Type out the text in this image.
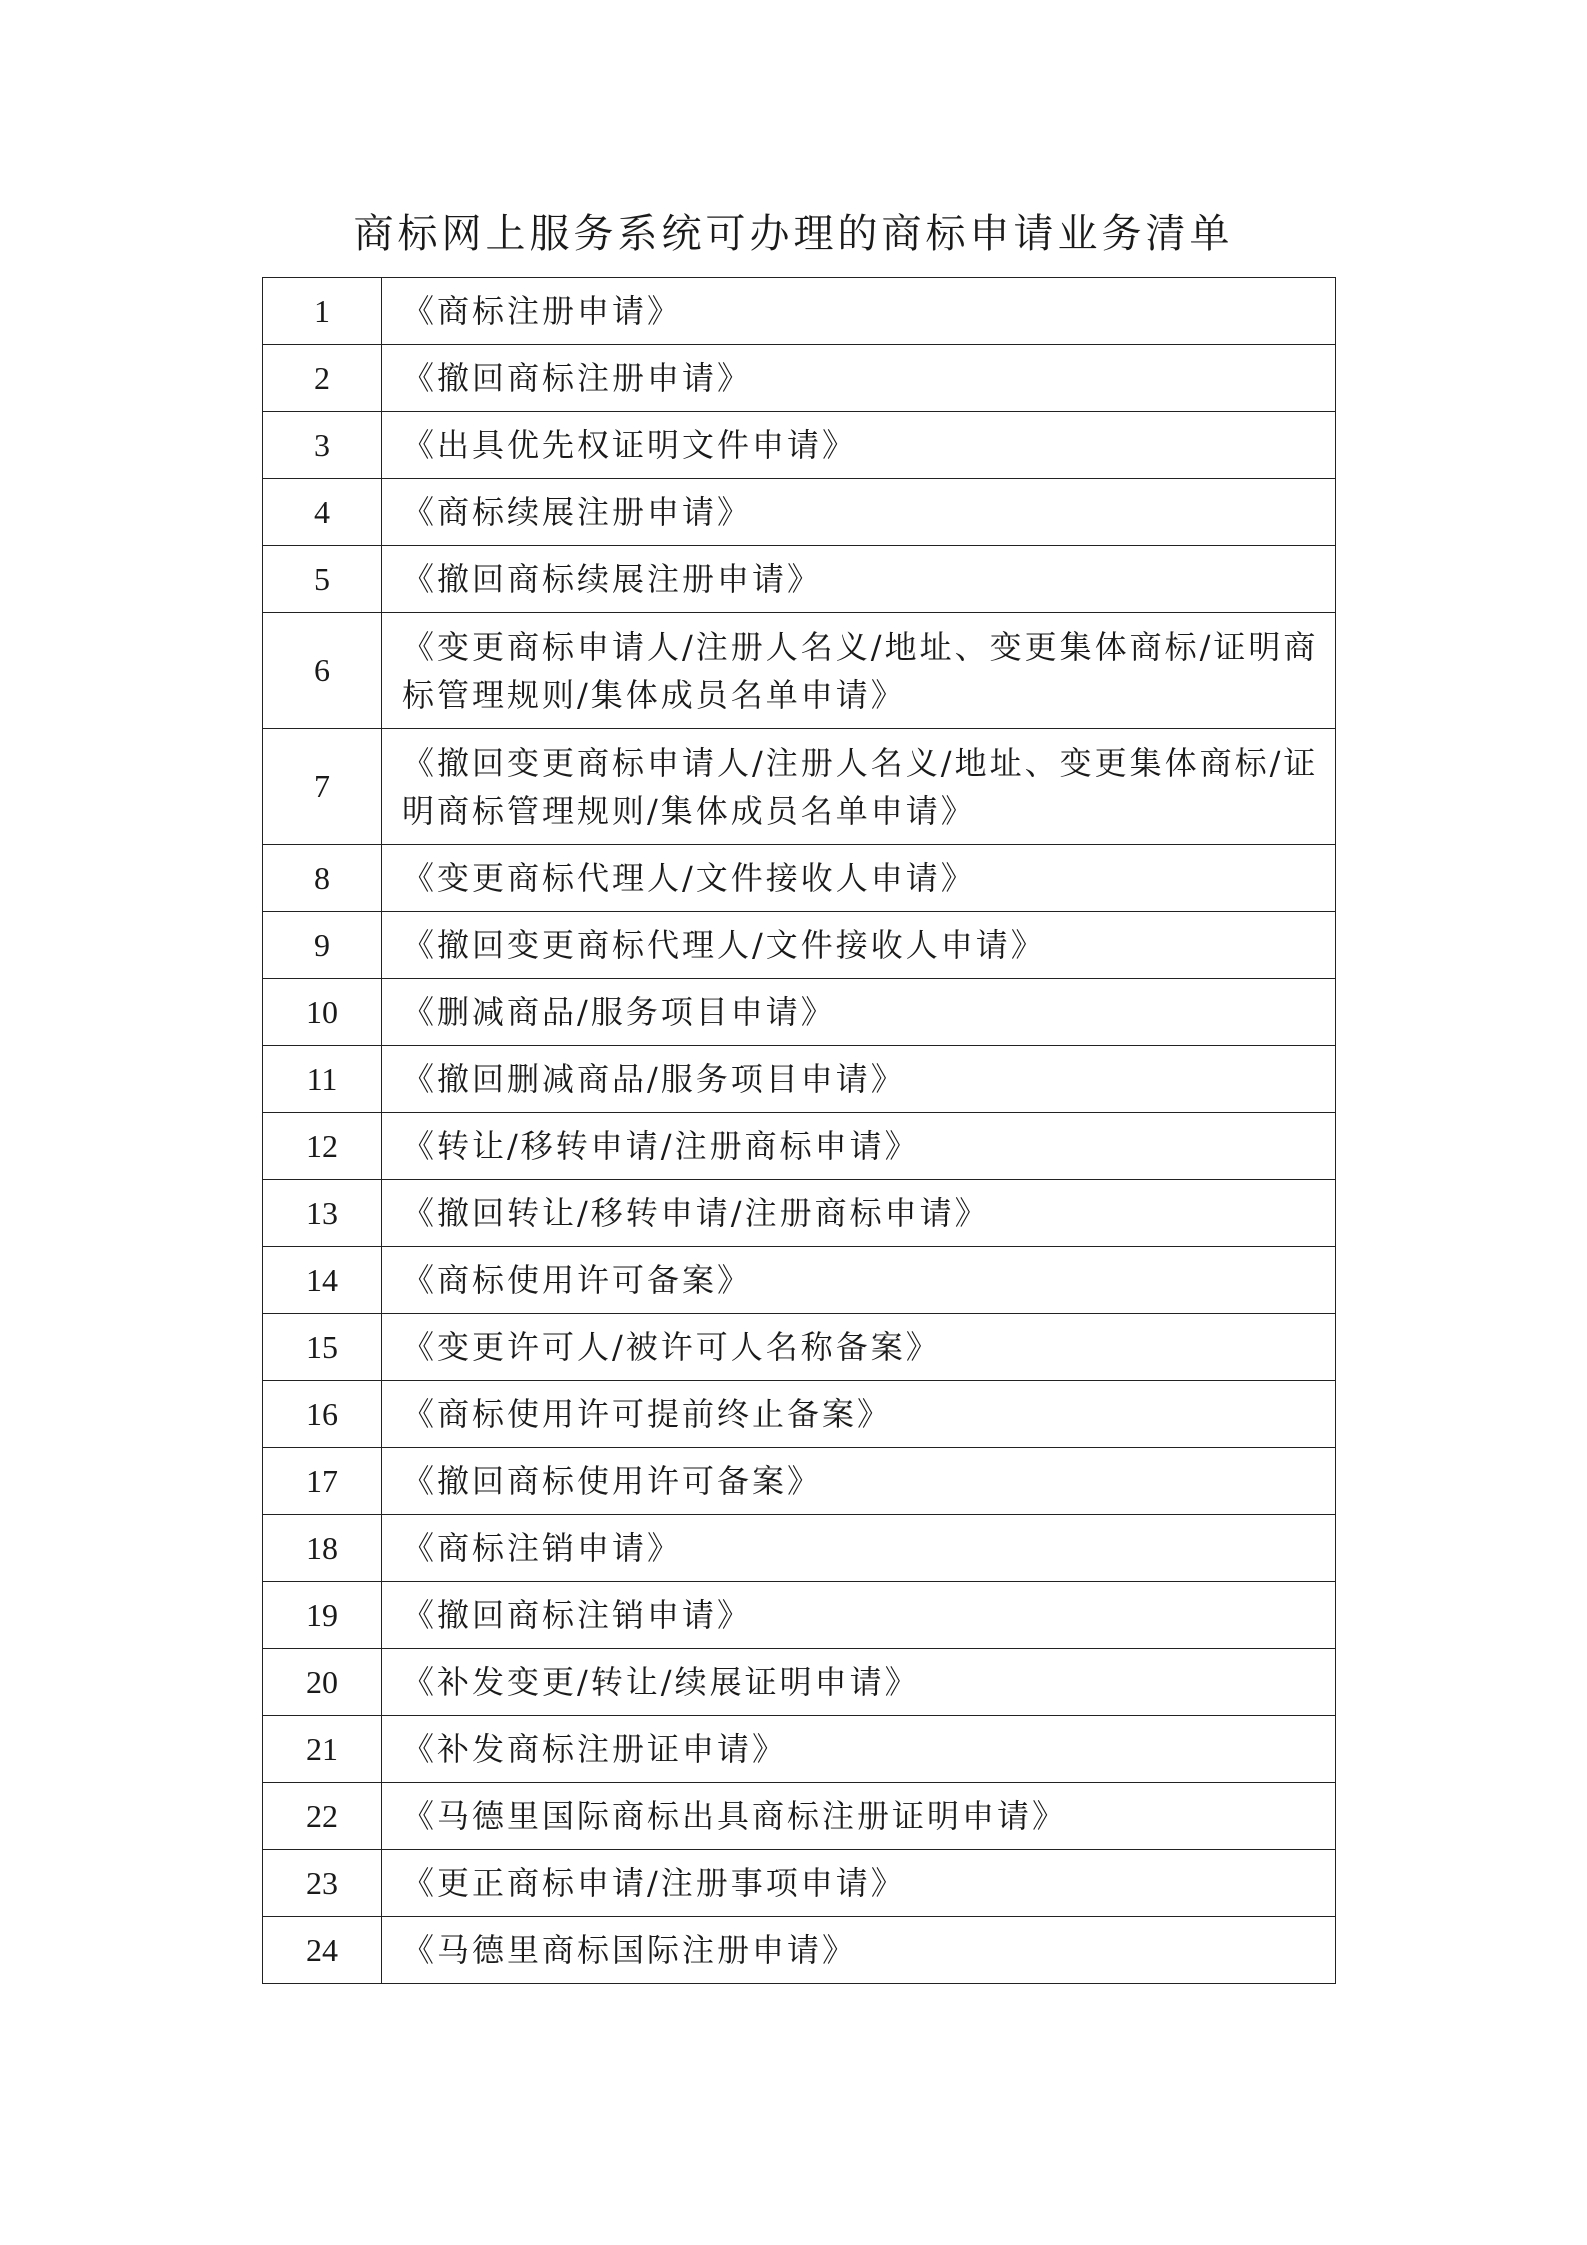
商标网上服务系统可办理的商标申请业务清单
1	《商标注册申请》
2	《撤回商标注册申请》
3	《出具优先权证明文件申请》
4	《商标续展注册申请》
5	《撤回商标续展注册申请》
6	《变更商标申请人/注册人名义/地址、变更集体商标/证明商标管理规则/集体成员名单申请》
7	《撤回变更商标申请人/注册人名义/地址、变更集体商标/证明商标管理规则/集体成员名单申请》
8	《变更商标代理人/文件接收人申请》
9	《撤回变更商标代理人/文件接收人申请》
10	《删减商品/服务项目申请》
11	《撤回删减商品/服务项目申请》
12	《转让/移转申请/注册商标申请》
13	《撤回转让/移转申请/注册商标申请》
14	《商标使用许可备案》
15	《变更许可人/被许可人名称备案》
16	《商标使用许可提前终止备案》
17	《撤回商标使用许可备案》
18	《商标注销申请》
19	《撤回商标注销申请》
20	《补发变更/转让/续展证明申请》
21	《补发商标注册证申请》
22	《马德里国际商标出具商标注册证明申请》
23	《更正商标申请/注册事项申请》
24	《马德里商标国际注册申请》
